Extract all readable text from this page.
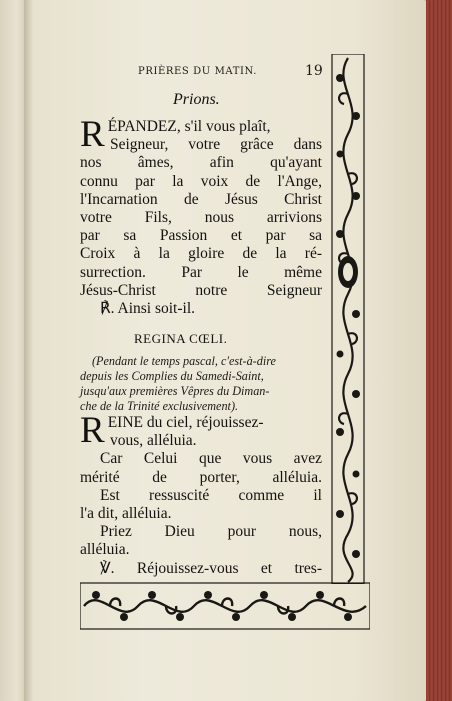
PRIÈRES DU MATIN.	19
Prions.
R ÉPANDEZ, s'il vous plaît,
Seigneur, votre grâce dans
nos âmes, afin qu'ayant
connu par la voix de l'Ange,
l'Incarnation de Jésus Christ
votre Fils, nous arrivions
par sa Passion et par sa
Croix à la gloire de la ré-
surrection. Par le même
Jésus-Christ notre Seigneur
℟. Ainsi soit-il.
REGINA CŒLI.
(Pendant le temps pascal, c'est-à-dire
depuis les Complies du Samedi-Saint,
jusqu'aux premières Vêpres du Diman-
che de la Trinité exclusivement).
R EINE du ciel, réjouissez-
vous, alléluia.
Car Celui que vous avez
mérité de porter, alléluia.
Est ressuscité comme il
l'a dit, alléluia.
Priez Dieu pour nous,
alléluia.
℣. Réjouissez-vous et tres-
